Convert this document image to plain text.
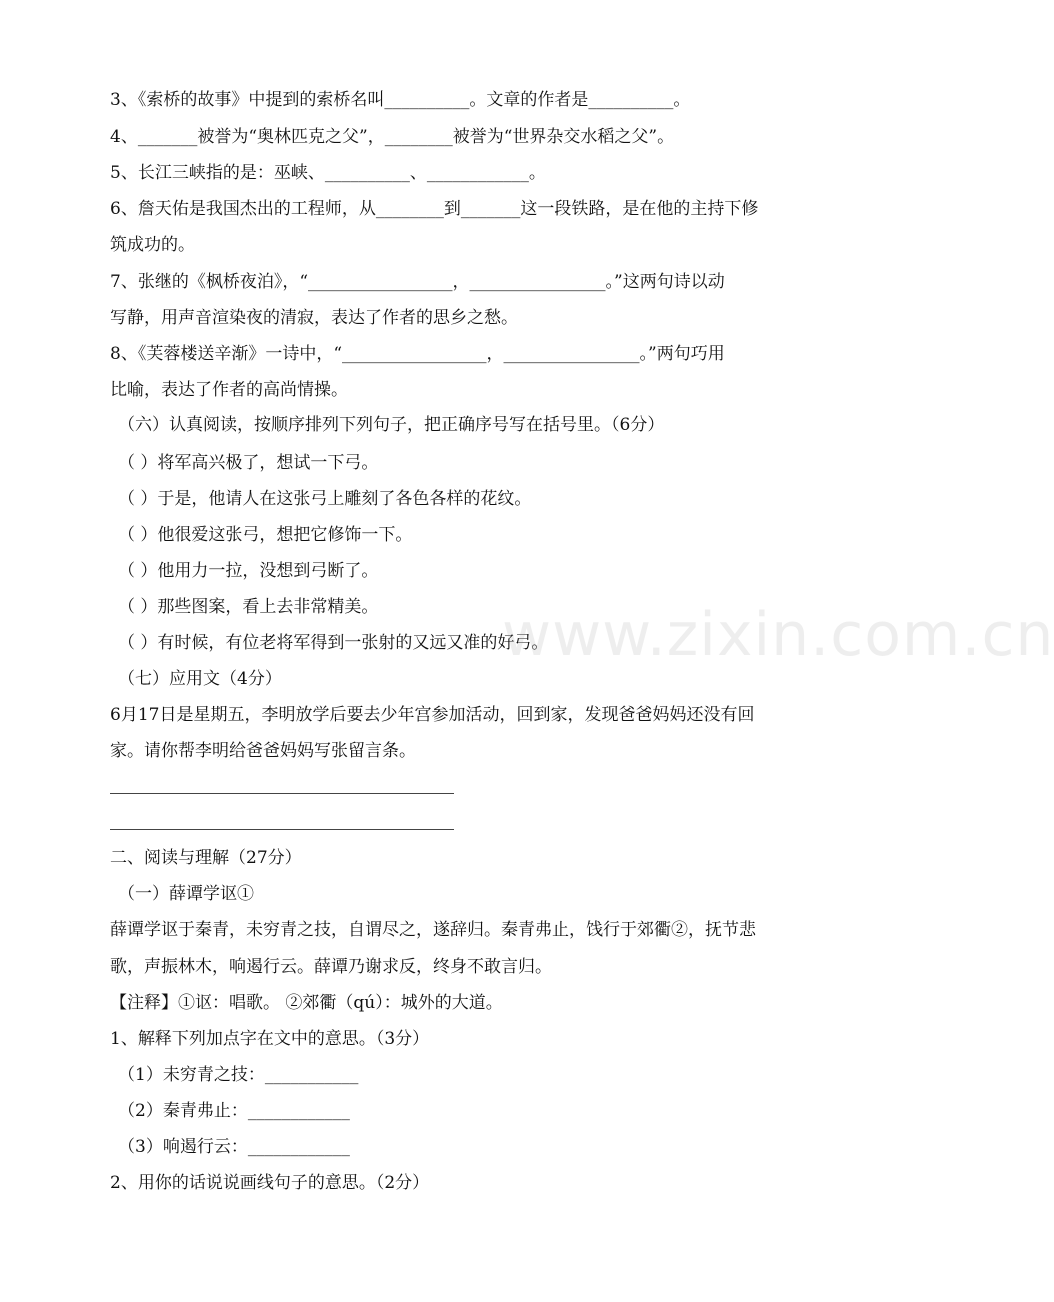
3、《索桥的故事》中提到的索桥名叫__________。文章的作者是__________。
4、_______被誉为“奥林匹克之父”，________被誉为“世界杂交水稻之父”。
5、长江三峡指的是：巫峡、__________、____________。
6、詹天佑是我国杰出的工程师，从________到_______这一段铁路，是在他的主持下修
筑成功的。
7、张继的《枫桥夜泊》，“_________________，________________。”这两句诗以动
写静，用声音渲染夜的清寂，表达了作者的思乡之愁。
8、《芙蓉楼送辛渐》一诗中，“_________________，________________。”两句巧用
比喻，表达了作者的高尚情操。
（六）认真阅读，按顺序排列下列句子，把正确序号写在括号里。（6分）
（ ）将军高兴极了，想试一下弓。
（ ）于是，他请人在这张弓上雕刻了各色各样的花纹。
（ ）他很爱这张弓，想把它修饰一下。
（ ）他用力一拉，没想到弓断了。
（ ）那些图案，看上去非常精美。
（ ）有时候，有位老将军得到一张射的又远又准的好弓。
（七）应用文（4分）
6月17日是星期五，李明放学后要去少年宫参加活动，回到家，发现爸爸妈妈还没有回
家。请你帮李明给爸爸妈妈写张留言条。
二、阅读与理解（27分）
（一）薛谭学讴①
薛谭学讴于秦青，未穷青之技，自谓尽之，遂辞归。秦青弗止，饯行于郊衢②，抚节悲
歌，声振林木，响遏行云。薛谭乃谢求反，终身不敢言归。
【注释】①讴：唱歌。 ②郊衢（qú）：城外的大道。
1、解释下列加点字在文中的意思。（3分）
（1）未穷青之技：___________
（2）秦青弗止：____________
（3）响遏行云：____________
2、用你的话说说画线句子的意思。（2分）
www.zixin.com.cn
